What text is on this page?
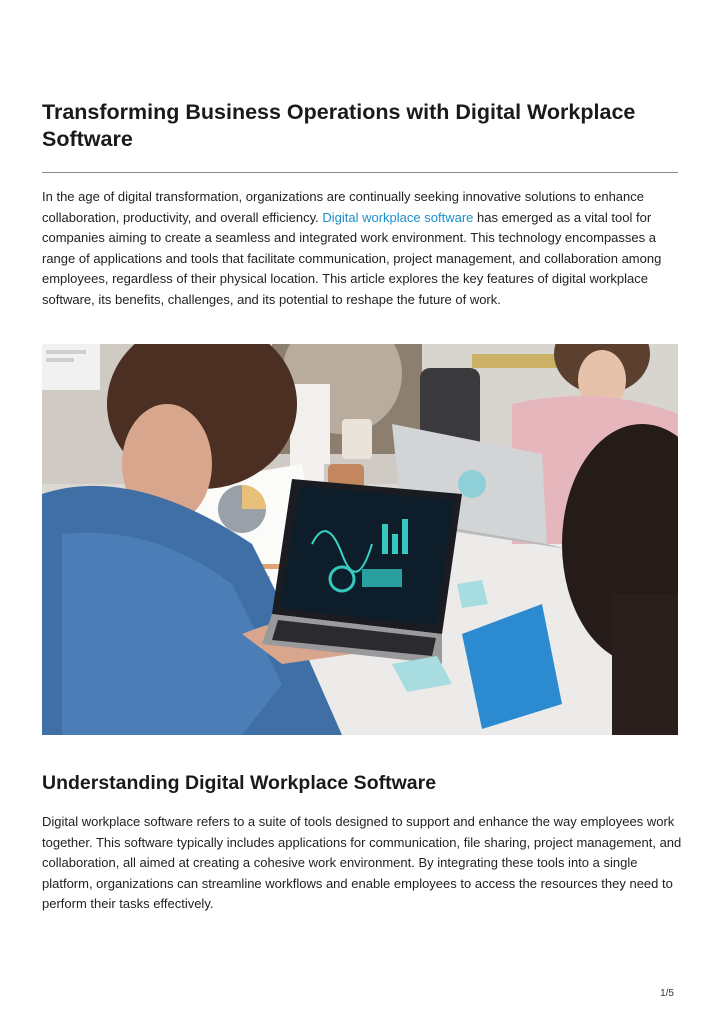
Transforming Business Operations with Digital Workplace Software

In the age of digital transformation, organizations are continually seeking innovative solutions to enhance collaboration, productivity, and overall efficiency. Digital workplace software has emerged as a vital tool for companies aiming to create a seamless and integrated work environment. This technology encompasses a range of applications and tools that facilitate communication, project management, and collaboration among employees, regardless of their physical location. This article explores the key features of digital workplace software, its benefits, challenges, and its potential to reshape the future of work.

Understanding Digital Workplace Software

Digital workplace software refers to a suite of tools designed to support and enhance the way employees work together. This software typically includes applications for communication, file sharing, project management, and collaboration, all aimed at creating a cohesive work environment. By integrating these tools into a single platform, organizations can streamline workflows and enable employees to access the resources they need to perform their tasks effectively.

1/5
